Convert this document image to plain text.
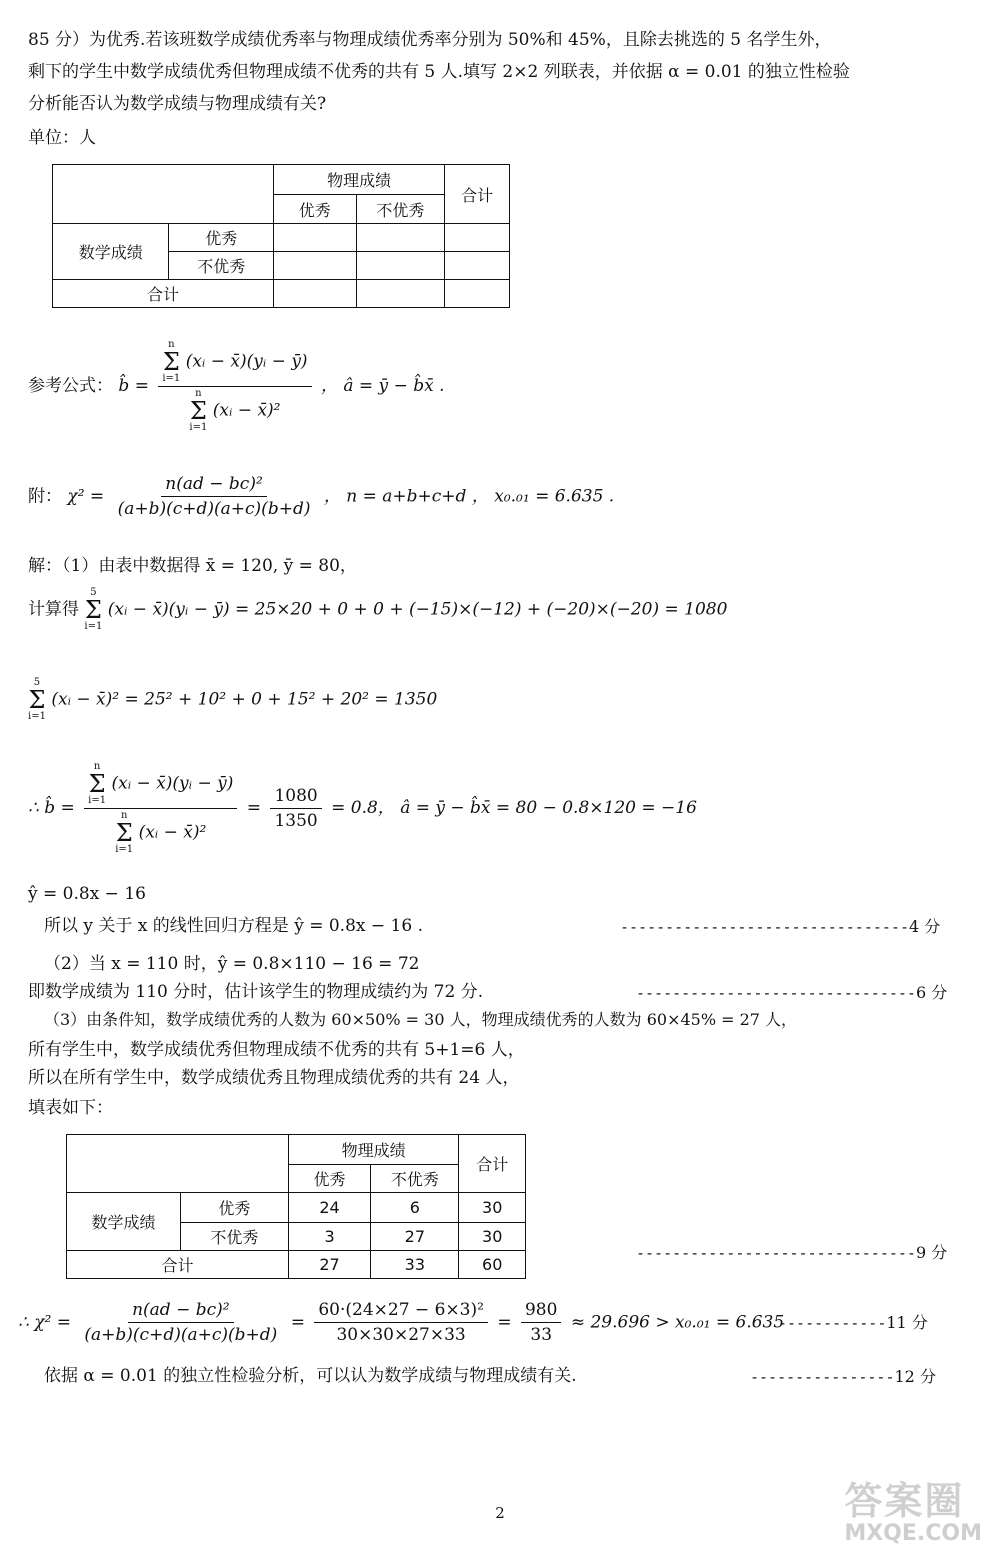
85 分）为优秀.若该班数学成绩优秀率与物理成绩优秀率分别为 50%和 45%，且除去挑选的 5 名学生外，
剩下的学生中数学成绩优秀但物理成绩不优秀的共有 5 人.填写 2×2 列联表，并依据 α = 0.01 的独立性检验
分析能否认为数学成绩与物理成绩有关?
单位：人
		物理成绩		合计
		优秀	不优秀	
数学成绩	优秀			
	不优秀			
合计				
参考公式： b̂ = n
Σ
i=1
(xᵢ − x̄)(yᵢ − ȳ)
n
Σ
i=1
(xᵢ − x̄)² ， â = ȳ − b̂x̄ .
附： $\chi^2 = \frac{\text{n(ad − bc)²}}{(a+b)(c+d)(a+c)(b+d)}$ ， n = a+b+c+d ， x₀.₀₁ = 6.635 .
解：（1）由表中数据得 x̄ = 120, ȳ = 80，
计算得
5
Σ
i=1
(xᵢ − x̄)(yᵢ − ȳ) = 25×20 + 0 + 0 + (−15)×(−12) + (−20)×(−20) = 1080
5
Σ
i=1
(xᵢ − x̄)² = 25² + 10² + 0 + 15² + 20² = 1350
∴ b̂ = n
Σ
i=1
(xᵢ − x̄)(yᵢ − ȳ)
n
Σ
i=1
(xᵢ − x̄)² = $\frac{1080}{1350} = 0.8$， â = ȳ − b̂x̄ = 80 − 0.8×120 = −16
ŷ = 0.8x − 16
所以 y 关于 x 的线性回归方程是 ŷ = 0.8x − 16 .	--------------------------------4 分
（2）当 x = 110 时，ŷ = 0.8×110 − 16 = 72
即数学成绩为 110 分时，估计该学生的物理成绩约为 72 分.	-------------------------------6 分
（3）由条件知，数学成绩优秀的人数为 60×50% = 30 人，物理成绩优秀的人数为 60×45% = 27 人，
所有学生中，数学成绩优秀但物理成绩不优秀的共有 5+1=6 人，
所以在所有学生中，数学成绩优秀且物理成绩优秀的共有 24 人，
填表如下：
		物理成绩		合计
		优秀	不优秀	
数学成绩	优秀	24	6	30
	不优秀	3	27	30
合计		27	33	60
-------------------------------9 分
∴ $\chi^2 = \frac{\text{n(ad − bc)²}}{(a+b)(c+d)(a+c)(b+d)} = \frac{\text{60·(24×27 − 6×3)²}}{30\times 30\times 27\times 33} = \frac{980}{33} \approx 29.696 > x_0._{01} = 6.635$
------------11 分
依据 α = 0.01 的独立性检验分析，可以认为数学成绩与物理成绩有关.	----------------12 分
2	答案圈
MXQE.COM
